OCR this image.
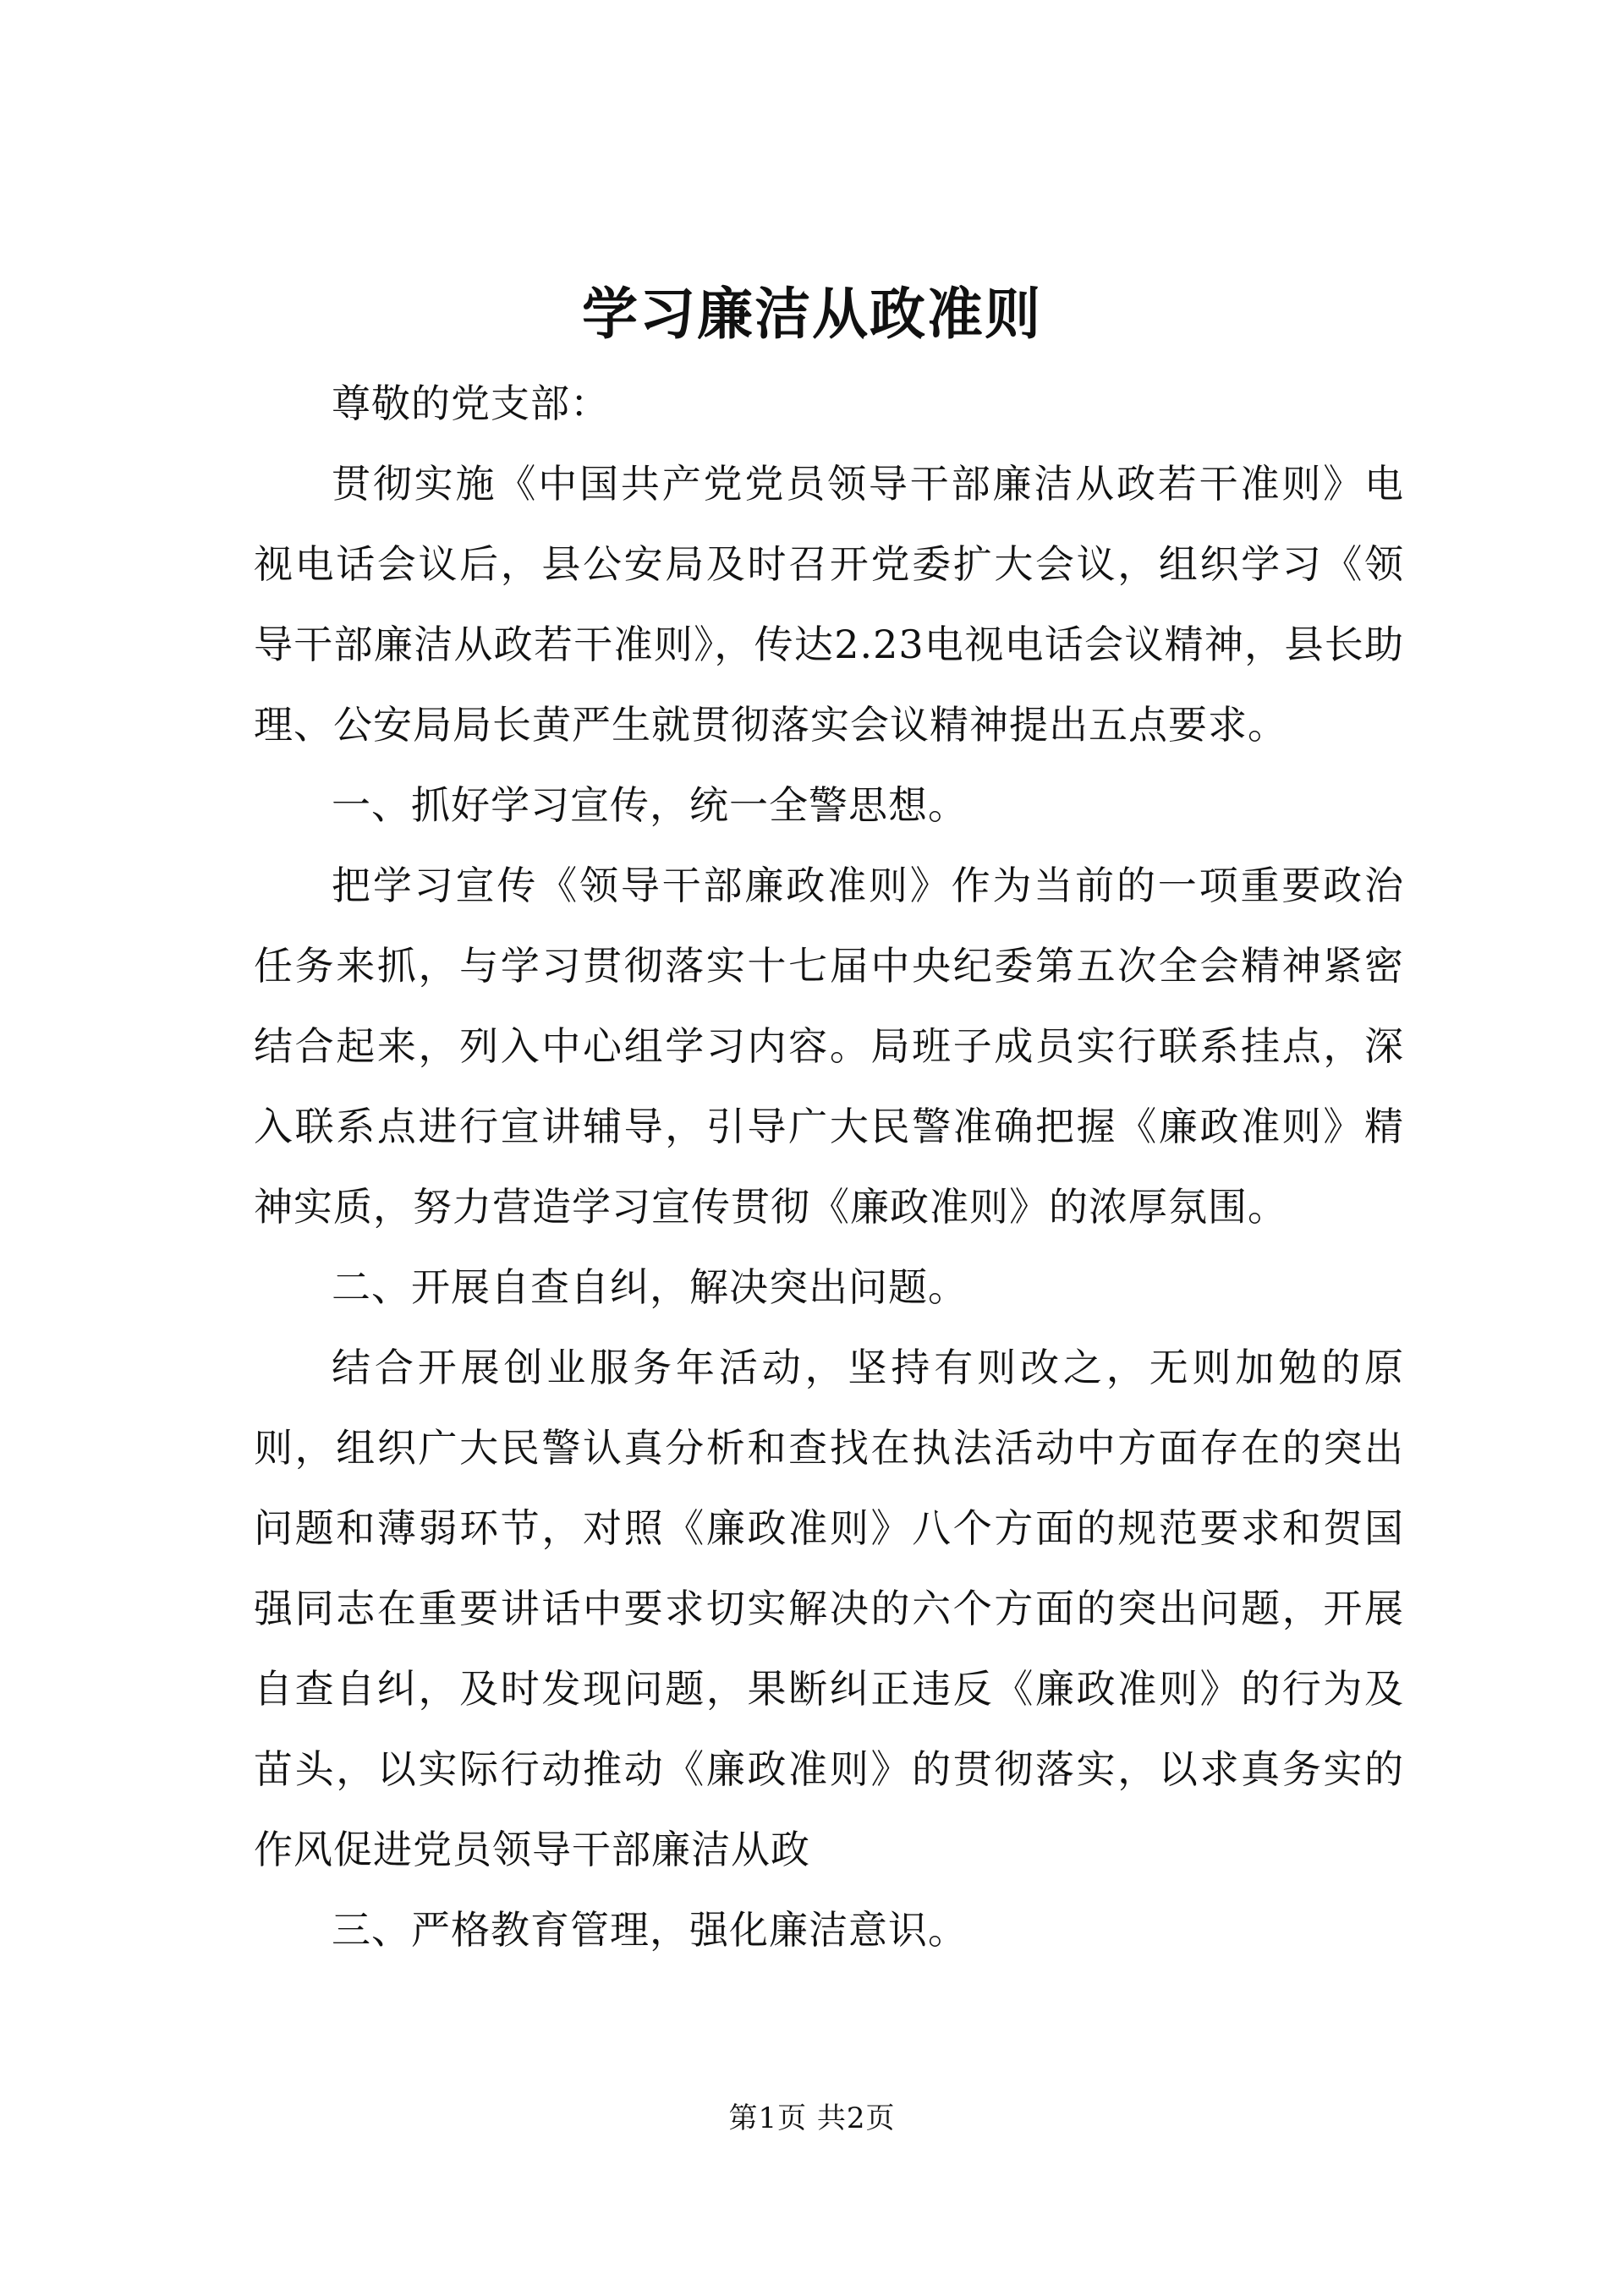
学习廉洁从政准则

尊敬的党支部：

贯彻实施《中国共产党党员领导干部廉洁从政若干准则》电视电话会议后，县公安局及时召开党委扩大会议，组织学习《领导干部廉洁从政若干准则》，传达2.23电视电话会议精神，县长助理、公安局局长黄严生就贯彻落实会议精神提出五点要求。

一、抓好学习宣传，统一全警思想。

把学习宣传《领导干部廉政准则》作为当前的一项重要政治任务来抓，与学习贯彻落实十七届中央纪委第五次全会精神紧密结合起来，列入中心组学习内容。局班子成员实行联系挂点，深入联系点进行宣讲辅导，引导广大民警准确把握《廉政准则》精神实质，努力营造学习宣传贯彻《廉政准则》的浓厚氛围。

二、开展自查自纠，解决突出问题。

结合开展创业服务年活动，坚持有则改之，无则加勉的原则，组织广大民警认真分析和查找在执法活动中方面存在的突出问题和薄弱环节，对照《廉政准则》八个方面的规范要求和贺国强同志在重要讲话中要求切实解决的六个方面的突出问题，开展自查自纠，及时发现问题，果断纠正违反《廉政准则》的行为及苗头，以实际行动推动《廉政准则》的贯彻落实，以求真务实的作风促进党员领导干部廉洁从政

三、严格教育管理，强化廉洁意识。

第1页 共2页
